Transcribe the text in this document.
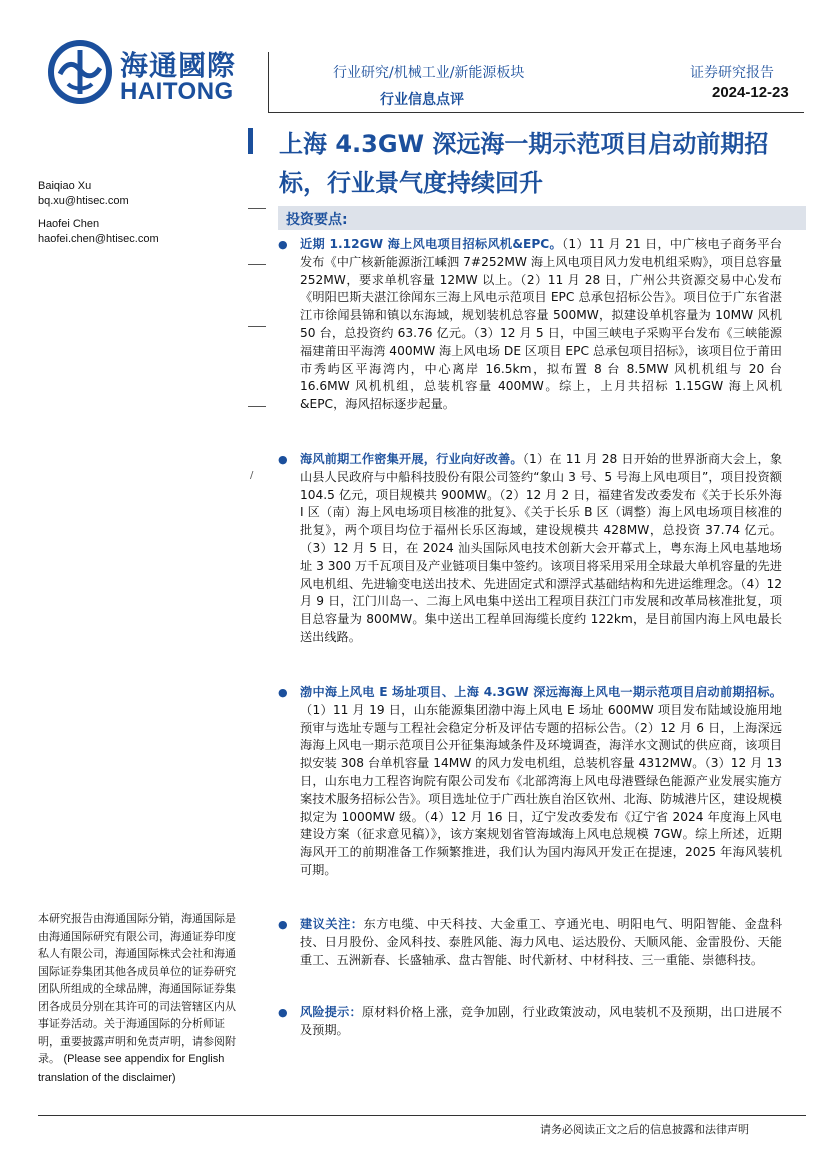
海通國際
HAITONG
行业研究/机械工业/新能源板块
行业信息点评
证券研究报告
2024-12-23
上海 4.3GW 深远海一期示范项目启动前期招标，行业景气度持续回升
Baiqiao Xu
bq.xu@htisec.com
Haofei Chen
haofei.chen@htisec.com
/
投资要点:
● 近期 1.12GW 海上风电项目招标风机&EPC。（1）11 月 21 日，中广核电子商务平台发布《中广核新能源浙江嵊泗 7#252MW 海上风电项目风力发电机组采购》，项目总容量 252MW，要求单机容量 12MW 以上。（2）11 月 28 日，广州公共资源交易中心发布《明阳巴斯夫湛江徐闻东三海上风电示范项目 EPC 总承包招标公告》。项目位于广东省湛江市徐闻县锦和镇以东海域，规划装机总容量 500MW，拟建设单机容量为 10MW 风机 50 台，总投资约 63.76 亿元。（3）12 月 5 日，中国三峡电子采购平台发布《三峡能源福建莆田平海湾 400MW 海上风电场 DE 区项目 EPC 总承包项目招标》，该项目位于莆田市秀屿区平海湾内，中心离岸 16.5km，拟布置 8 台 8.5MW 风机机组与 20 台 16.6MW 风机机组，总装机容量 400MW。综上，上月共招标 1.15GW 海上风机&EPC，海风招标逐步起量。
● 海风前期工作密集开展，行业向好改善。（1）在 11 月 28 日开始的世界浙商大会上，象山县人民政府与中船科技股份有限公司签约“象山 3 号、5 号海上风电项目”，项目投资额 104.5 亿元，项目规模共 900MW。（2）12 月 2 日，福建省发改委发布《关于长乐外海 I 区（南）海上风电场项目核准的批复》、《关于长乐 B 区（调整）海上风电场项目核准的批复》，两个项目均位于福州长乐区海域，建设规模共 428MW，总投资 37.74 亿元。（3）12 月 5 日，在 2024 汕头国际风电技术创新大会开幕式上，粤东海上风电基地场址 3 300 万千瓦项目及产业链项目集中签约。该项目将采用采用全球最大单机容量的先进风电机组、先进输变电送出技术、先进固定式和漂浮式基础结构和先进运维理念。（4）12 月 9 日，江门川岛一、二海上风电集中送出工程项目获江门市发展和改革局核准批复，项目总容量为 800MW。集中送出工程单回海缆长度约 122km，是目前国内海上风电最长送出线路。
● 渤中海上风电 E 场址项目、上海 4.3GW 深远海海上风电一期示范项目启动前期招标。（1）11 月 19 日，山东能源集团渤中海上风电 E 场址 600MW 项目发布陆域设施用地预审与选址专题与工程社会稳定分析及评估专题的招标公告。（2）12 月 6 日，上海深远海海上风电一期示范项目公开征集海域条件及环境调查，海洋水文测试的供应商，该项目拟安装 308 台单机容量 14MW 的风力发电机组，总装机容量 4312MW。（3）12 月 13 日，山东电力工程咨询院有限公司发布《北部湾海上风电母港暨绿色能源产业发展实施方案技术服务招标公告》。项目选址位于广西壮族自治区钦州、北海、防城港片区，建设规模拟定为 1000MW 级。（4）12 月 16 日，辽宁发改委发布《辽宁省 2024 年度海上风电建设方案（征求意见稿）》，该方案规划省管海域海上风电总规模 7GW。综上所述，近期海风开工的前期准备工作频繁推进，我们认为国内海风开发正在提速，2025 年海风装机可期。
● 建议关注：东方电缆、中天科技、大金重工、亨通光电、明阳电气、明阳智能、金盘科技、日月股份、金风科技、泰胜风能、海力风电、运达股份、天顺风能、金雷股份、天能重工、五洲新春、长盛轴承、盘古智能、时代新材、中材科技、三一重能、崇德科技。
● 风险提示：原材料价格上涨，竞争加剧，行业政策波动，风电装机不及预期，出口进展不及预期。
本研究报告由海通国际分销，海通国际是由海通国际研究有限公司，海通证券印度私人有限公司，海通国际株式会社和海通国际证券集团其他各成员单位的证券研究团队所组成的全球品牌，海通国际证券集团各成员分别在其许可的司法管辖区内从事证券活动。关于海通国际的分析师证明，重要披露声明和免责声明，请参阅附录。 (Please see appendix for English translation of the disclaimer)
请务必阅读正文之后的信息披露和法律声明
